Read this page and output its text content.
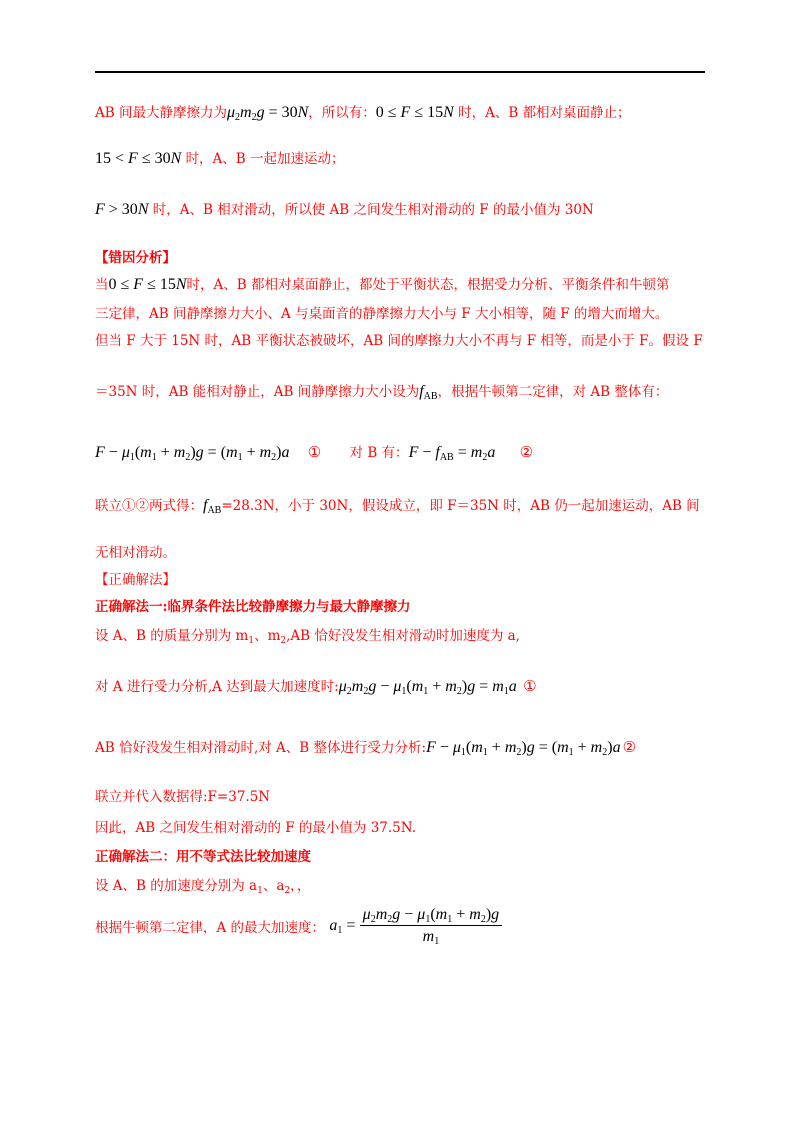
AB 间最大静摩擦力为$\mu_2m_2g = 30N$，所以有：0 ≤ F ≤ 15N 时，A、B 都相对桌面静止；
15 < F ≤ 30N 时，A、B 一起加速运动；
F > 30N 时，A、B 相对滑动，所以使 AB 之间发生相对滑动的 F 的最小值为 30N
【错因分析】
当0 ≤ F ≤ 15N时，A、B 都相对桌面静止，都处于平衡状态，根据受力分析、平衡条件和牛顿第
三定律，AB 间静摩擦力大小、A 与桌面音的静摩擦力大小与 F 大小相等，随 F 的增大而增大。
但当 F 大于 15N 时，AB 平衡状态被破坏，AB 间的摩擦力大小不再与 F 相等，而是小于 F。假设 F
＝35N 时，AB 能相对静止，AB 间静摩擦力大小设为$f_{AB}$，根据牛顿第二定律，对 AB 整体有：
$F - \mu_1(m_1 + m_2)g = (m_1 + m_2)a$ ① 对 B 有：$F - f_{AB} = m_2a$ ②
联立①②两式得：$f_{AB}=28.3N$，小于 30N，假设成立，即 F＝35N 时，AB 仍一起加速运动，AB 间
无相对滑动。
【正确解法】
正确解法一:临界条件法比较静摩擦力与最大静摩擦力
设 A、B 的质量分别为 $m_1$、$m_2,AB$ 恰好没发生相对滑动时加速度为 a,
对 A 进行受力分析,A 达到最大加速度时$:\mu_2m_2g - \mu_1(m_1 + m_2)g = m_1a$ ①
AB 恰好没发生相对滑动时,对 A、B 整体进行受力分析:F − $\mu_1(m_1 + m_2)g = (m_1 + m_2)a$ ②
联立并代入数据得:F=37.5N
因此，AB 之间发生相对滑动的 F 的最小值为 37.5N.
正确解法二：用不等式法比较加速度
设 A、B 的加速度分别为 $a_1$、$a_2$，，
根据牛顿第二定律，A 的最大加速度： $a_1 = \frac{\mu_2m_2g - \mu_1(m_1 + m_2)g}{m_1}$
